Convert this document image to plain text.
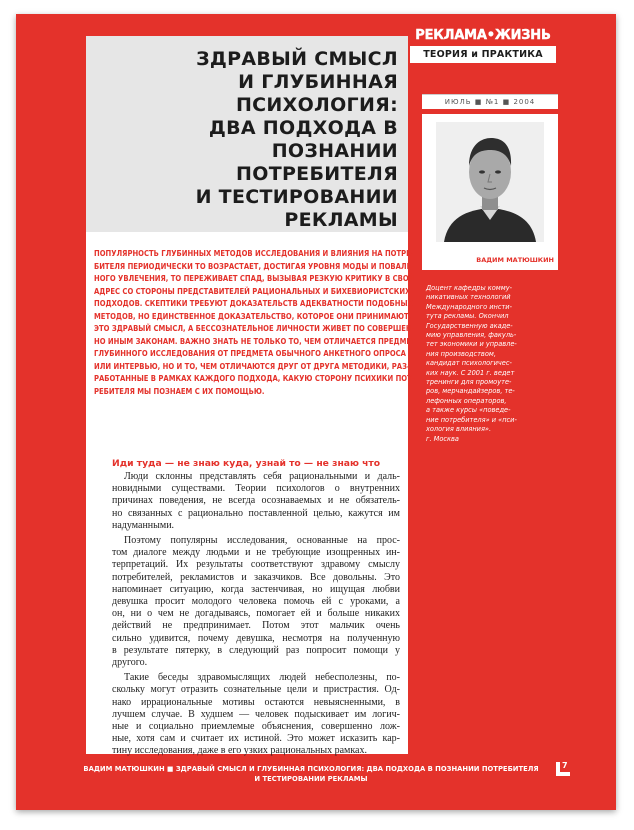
ЗДРАВЫЙ СМЫСЛ
И ГЛУБИННАЯ ПСИХОЛОГИЯ:
ДВА ПОДХОДА В ПОЗНАНИИ
ПОТРЕБИТЕЛЯ
И ТЕСТИРОВАНИИ РЕКЛАМЫ

ПОПУЛЯРНОСТЬ ГЛУБИННЫХ МЕТОДОВ ИССЛЕДОВАНИЯ И ВЛИЯНИЯ НА ПОТРЕ-
БИТЕЛЯ ПЕРИОДИЧЕСКИ ТО ВОЗРАСТАЕТ, ДОСТИГАЯ УРОВНЯ МОДЫ И ПОВАЛЬ-
НОГО УВЛЕЧЕНИЯ, ТО ПЕРЕЖИВАЕТ СПАД, ВЫЗЫВАЯ РЕЗКУЮ КРИТИКУ В СВОЙ
АДРЕС СО СТОРОНЫ ПРЕДСТАВИТЕЛЕЙ РАЦИОНАЛЬНЫХ И БИХЕВИОРИСТСКИХ
ПОДХОДОВ. СКЕПТИКИ ТРЕБУЮТ ДОКАЗАТЕЛЬСТВ АДЕКВАТНОСТИ ПОДОБНЫХ
МЕТОДОВ, НО ЕДИНСТВЕННОЕ ДОКАЗАТЕЛЬСТВО, КОТОРОЕ ОНИ ПРИНИМАЮТ, —
ЭТО ЗДРАВЫЙ СМЫСЛ, А БЕССОЗНАТЕЛЬНОЕ ЛИЧНОСТИ ЖИВЕТ ПО СОВЕРШЕН-
НО ИНЫМ ЗАКОНАМ. ВАЖНО ЗНАТЬ НЕ ТОЛЬКО ТО, ЧЕМ ОТЛИЧАЕТСЯ ПРЕДМЕТ
ГЛУБИННОГО ИССЛЕДОВАНИЯ ОТ ПРЕДМЕТА ОБЫЧНОГО АНКЕТНОГО ОПРОСА
ИЛИ ИНТЕРВЬЮ, НО И ТО, ЧЕМ ОТЛИЧАЮТСЯ ДРУГ ОТ ДРУГА МЕТОДИКИ, РАЗ-
РАБОТАННЫЕ В РАМКАХ КАЖДОГО ПОДХОДА, КАКУЮ СТОРОНУ ПСИХИКИ ПОТ-
РЕБИТЕЛЯ МЫ ПОЗНАЕМ С ИХ ПОМОЩЬЮ.

Иди туда — не знаю куда, узнай то — не знаю что

Люди склонны представлять себя рациональными и даль-
новидными существами. Теории психологов о внутренних
причинах поведения, не всегда осознаваемых и не обязатель-
но связанных с рационально поставленной целью, кажутся им
надуманными.

Поэтому популярны исследования, основанные на прос-
том диалоге между людьми и не требующие изощренных ин-
терпретаций. Их результаты соответствуют здравому смыслу
потребителей, рекламистов и заказчиков. Все довольны. Это
напоминает ситуацию, когда застенчивая, но ищущая любви
девушка просит молодого человека помочь ей с уроками, а
он, ни о чем не догадываясь, помогает ей и больше никаких
действий не предпринимает. Потом этот мальчик очень
сильно удивится, почему девушка, несмотря на полученную
в результате пятерку, в следующий раз попросит помощи у
другого.

Такие беседы здравомыслящих людей небесполезны, по-
скольку могут отразить сознательные цели и пристрастия. Од-
нако иррациональные мотивы остаются невыясненными, в
лучшем случае. В худшем — человек подыскивает им логич-
ные и социально приемлемые объяснения, совершенно лож-
ные, хотя сам и считает их истиной. Это может исказить кар-
тину исследования, даже в его узких рациональных рамках.

РЕКЛАМА•ЖИЗНЬ
ТЕОРИЯ и ПРАКТИКА
ИЮЛЬ ■ №1 ■ 2004
ВАДИМ МАТЮШКИН

Доцент кафедры комму-
никативных технологий
Международного инсти-
тута рекламы. Окончил
Государственную акаде-
мию управления, факуль-
тет экономики и управле-
ния производством,
кандидат психологичес-
ких наук. С 2001 г. ведет
тренинги для промоуте-
ров, мерчандайзеров, те-
лефонных операторов,
а также курсы «поведе-
ние потребителя» и «пси-
хология влияния».
г. Москва

ВАДИМ МАТЮШКИН ■ ЗДРАВЫЙ СМЫСЛ И ГЛУБИННАЯ ПСИХОЛОГИЯ: ДВА ПОДХОДА В ПОЗНАНИИ ПОТРЕБИТЕЛЯ
И ТЕСТИРОВАНИИ РЕКЛАМЫ
7
